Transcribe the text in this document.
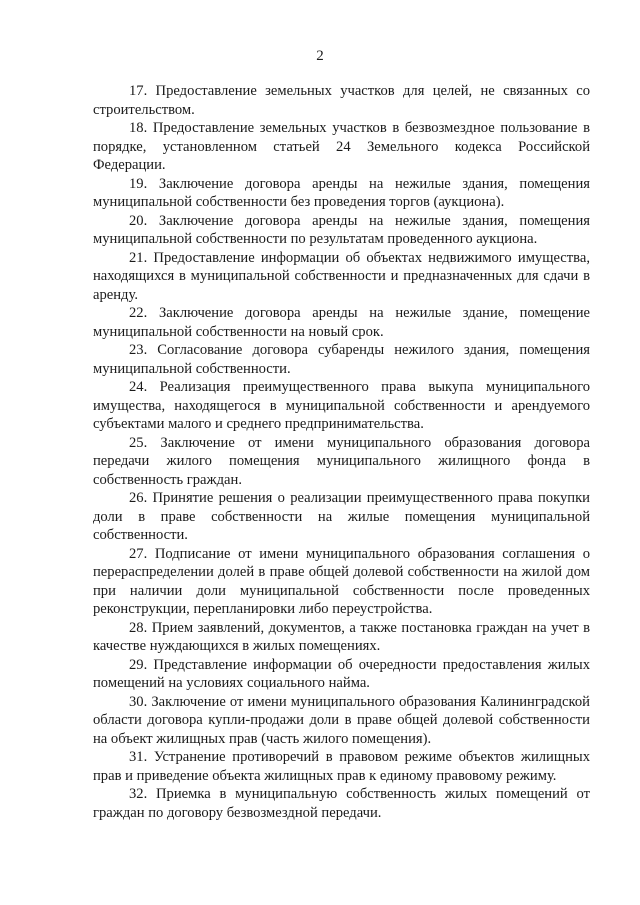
2

17. Предоставление земельных участков для целей, не связанных со строительством.

18. Предоставление земельных участков в безвозмездное пользование в порядке, установленном статьей 24 Земельного кодекса Российской Федерации.

19. Заключение договора аренды на нежилые здания, помещения муниципальной собственности без проведения торгов (аукциона).

20. Заключение договора аренды на нежилые здания, помещения муниципальной собственности по результатам проведенного аукциона.

21. Предоставление информации об объектах недвижимого имущества, находящихся в муниципальной собственности и предназначенных для сдачи в аренду.

22. Заключение договора аренды на нежилые здание, помещение муниципальной собственности на новый срок.

23. Согласование договора субаренды нежилого здания, помещения муниципальной собственности.

24. Реализация преимущественного права выкупа муниципального имущества, находящегося в муниципальной собственности и арендуемого субъектами малого и среднего предпринимательства.

25. Заключение от имени муниципального образования договора передачи жилого помещения муниципального жилищного фонда в собственность граждан.

26. Принятие решения о реализации преимущественного права покупки доли в праве собственности на жилые помещения муниципальной собственности.

27. Подписание от имени муниципального образования соглашения о перераспределении долей в праве общей долевой собственности на жилой дом при наличии доли муниципальной собственности после проведенных реконструкции, перепланировки либо переустройства.

28. Прием заявлений, документов, а также постановка граждан на учет в качестве нуждающихся в жилых помещениях.

29. Представление информации об очередности предоставления жилых помещений на условиях социального найма.

30. Заключение от имени муниципального образования Калининградской области договора купли-продажи доли в праве общей долевой собственности на объект жилищных прав (часть жилого помещения).

31. Устранение противоречий в правовом режиме объектов жилищных прав и приведение объекта жилищных прав к единому правовому режиму.

32. Приемка в муниципальную собственность жилых помещений от граждан по договору безвозмездной передачи.
